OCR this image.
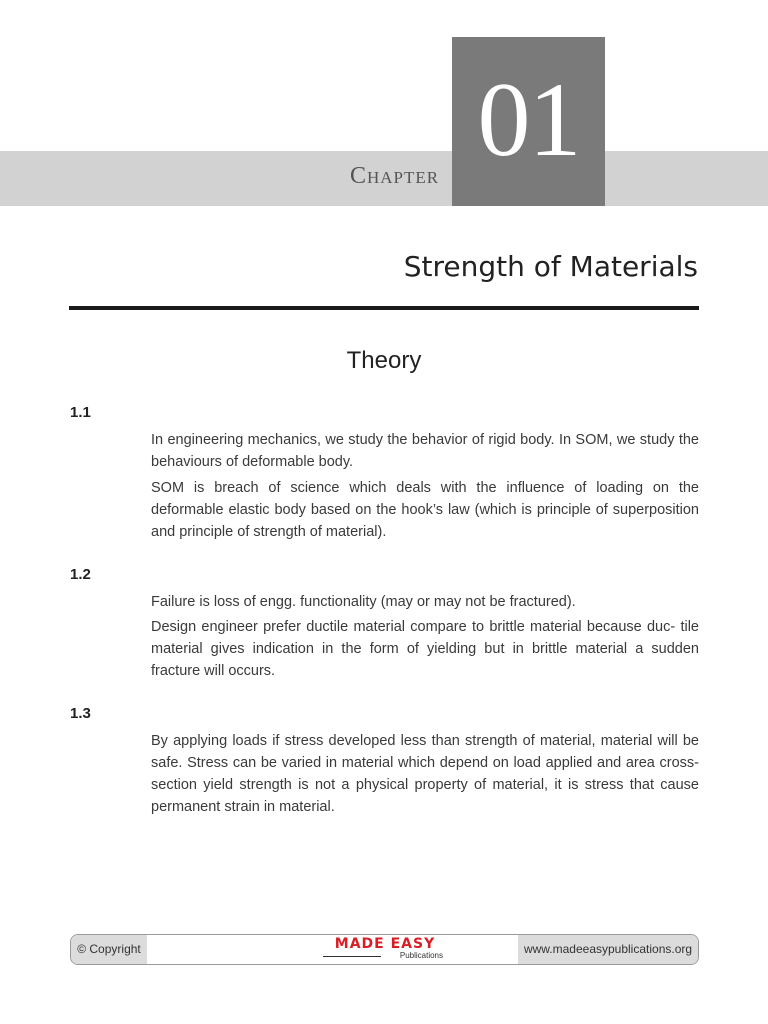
Chapter 01
Strength of Materials
Theory
1.1

In engineering mechanics, we study the behavior of rigid body. In SOM, we study the behaviours of deformable body.

SOM is breach of science which deals with the influence of loading on the deformable elastic body based on the hook’s law (which is principle of superposition and principle of strength of material).

1.2

Failure is loss of engg. functionality (may or may not be fractured).

Design engineer prefer ductile material compare to brittle material because duc- tile material gives indication in the form of yielding but in brittle material a sudden fracture will occurs.

1.3

By applying loads if stress developed less than strength of material, material will be safe. Stress can be varied in material which depend on load applied and area cross-section yield strength is not a physical property of material, it is stress that cause permanent strain in material.

© Copyright	MADE EASY
Publications	www.madeeasypublications.org
